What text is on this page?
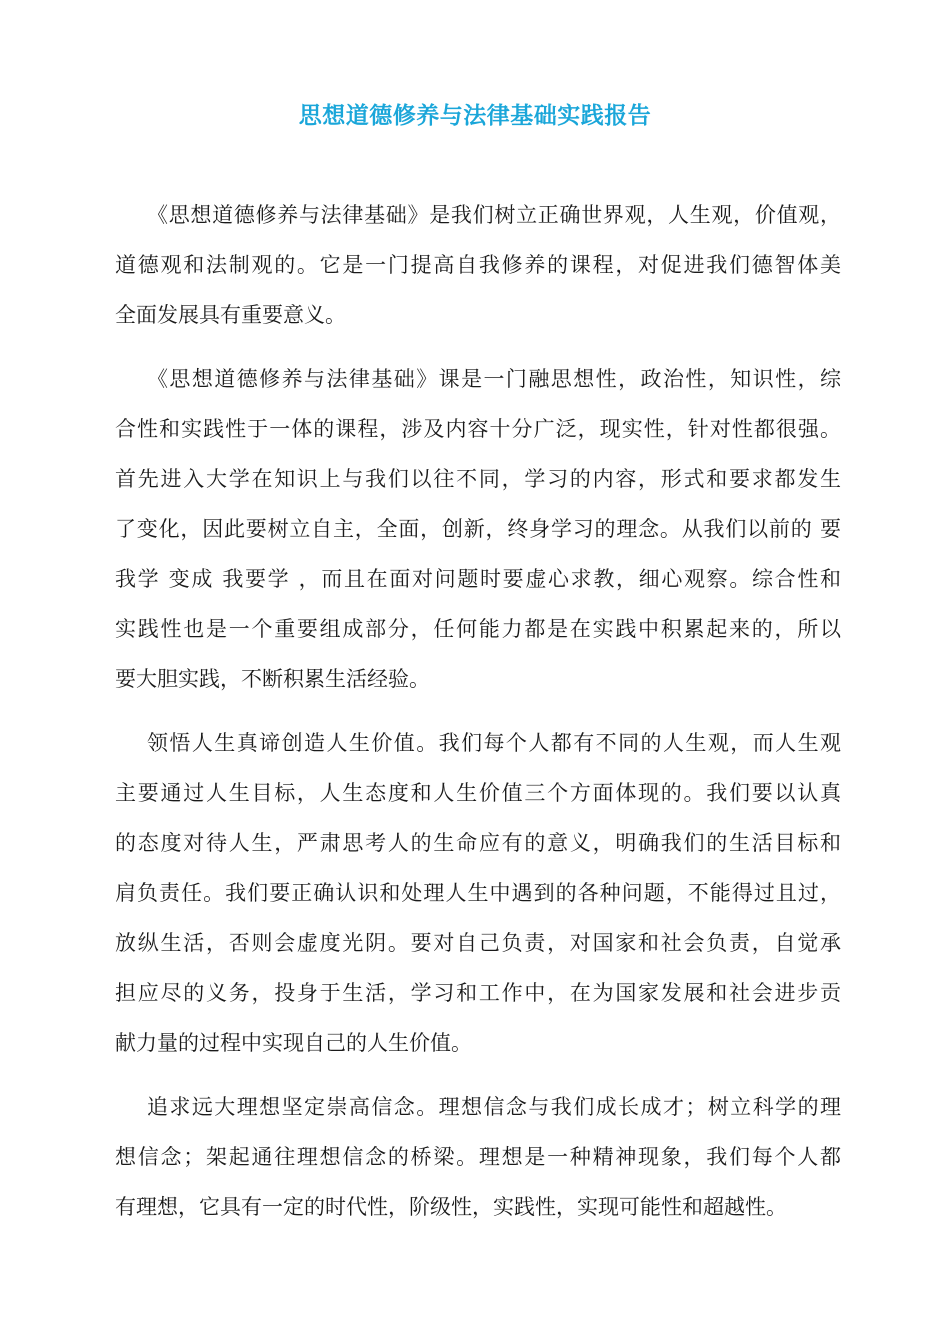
思想道德修养与法律基础实践报告
《思想道德修养与法律基础》是我们树立正确世界观，人生观，价值观，
道德观和法制观的。它是一门提高自我修养的课程，对促进我们德智体美
全面发展具有重要意义。
《思想道德修养与法律基础》课是一门融思想性，政治性，知识性，综
合性和实践性于一体的课程，涉及内容十分广泛，现实性，针对性都很强。
首先进入大学在知识上与我们以往不同，学习的内容，形式和要求都发生
了变化，因此要树立自主，全面，创新，终身学习的理念。从我们以前的 要
我学 变成 我要学 ，而且在面对问题时要虚心求教，细心观察。综合性和
实践性也是一个重要组成部分，任何能力都是在实践中积累起来的，所以
要大胆实践，不断积累生活经验。
领悟人生真谛创造人生价值。我们每个人都有不同的人生观，而人生观
主要通过人生目标，人生态度和人生价值三个方面体现的。我们要以认真
的态度对待人生，严肃思考人的生命应有的意义，明确我们的生活目标和
肩负责任。我们要正确认识和处理人生中遇到的各种问题，不能得过且过，
放纵生活，否则会虚度光阴。要对自己负责，对国家和社会负责，自觉承
担应尽的义务，投身于生活，学习和工作中，在为国家发展和社会进步贡
献力量的过程中实现自己的人生价值。
追求远大理想坚定崇高信念。理想信念与我们成长成才；树立科学的理
想信念；架起通往理想信念的桥梁。理想是一种精神现象，我们每个人都
有理想，它具有一定的时代性，阶级性，实践性，实现可能性和超越性。
